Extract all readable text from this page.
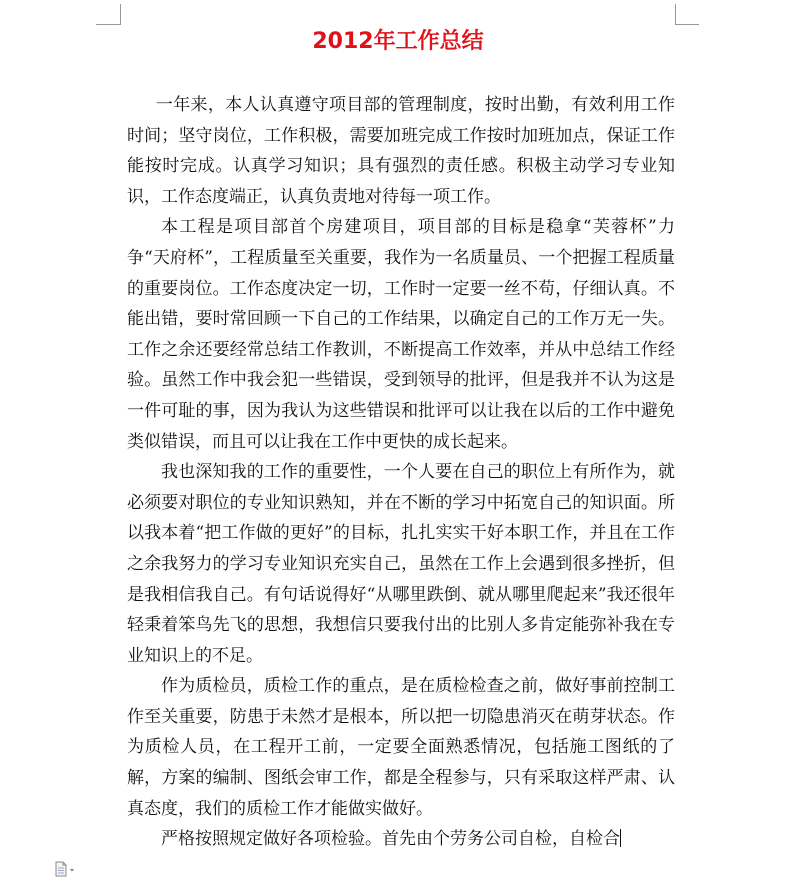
2012年工作总结

一年来，本人认真遵守项目部的管理制度，按时出勤，有效利用工作时间；坚守岗位，工作积极，需要加班完成工作按时加班加点，保证工作能按时完成。认真学习知识；具有强烈的责任感。积极主动学习专业知识，工作态度端正，认真负责地对待每一项工作。

本工程是项目部首个房建项目，项目部的目标是稳拿“芙蓉杯”力争“天府杯”，工程质量至关重要，我作为一名质量员、一个把握工程质量的重要岗位。工作态度决定一切，工作时一定要一丝不苟，仔细认真。不能出错，要时常回顾一下自己的工作结果，以确定自己的工作万无一失。工作之余还要经常总结工作教训，不断提高工作效率，并从中总结工作经验。虽然工作中我会犯一些错误，受到领导的批评，但是我并不认为这是一件可耻的事，因为我认为这些错误和批评可以让我在以后的工作中避免类似错误，而且可以让我在工作中更快的成长起来。

我也深知我的工作的重要性，一个人要在自己的职位上有所作为，就必须要对职位的专业知识熟知，并在不断的学习中拓宽自己的知识面。所以我本着“把工作做的更好”的目标，扎扎实实干好本职工作，并且在工作之余我努力的学习专业知识充实自己，虽然在工作上会遇到很多挫折，但是我相信我自己。有句话说得好“从哪里跌倒、就从哪里爬起来”我还很年轻秉着笨鸟先飞的思想，我想信只要我付出的比别人多肯定能弥补我在专业知识上的不足。

作为质检员，质检工作的重点，是在质检检查之前，做好事前控制工作至关重要，防患于未然才是根本，所以把一切隐患消灭在萌芽状态。作为质检人员，在工程开工前，一定要全面熟悉情况，包括施工图纸的了解，方案的编制、图纸会审工作，都是全程参与，只有采取这样严肃、认真态度，我们的质检工作才能做实做好。

严格按照规定做好各项检验。首先由个劳务公司自检，自检合
